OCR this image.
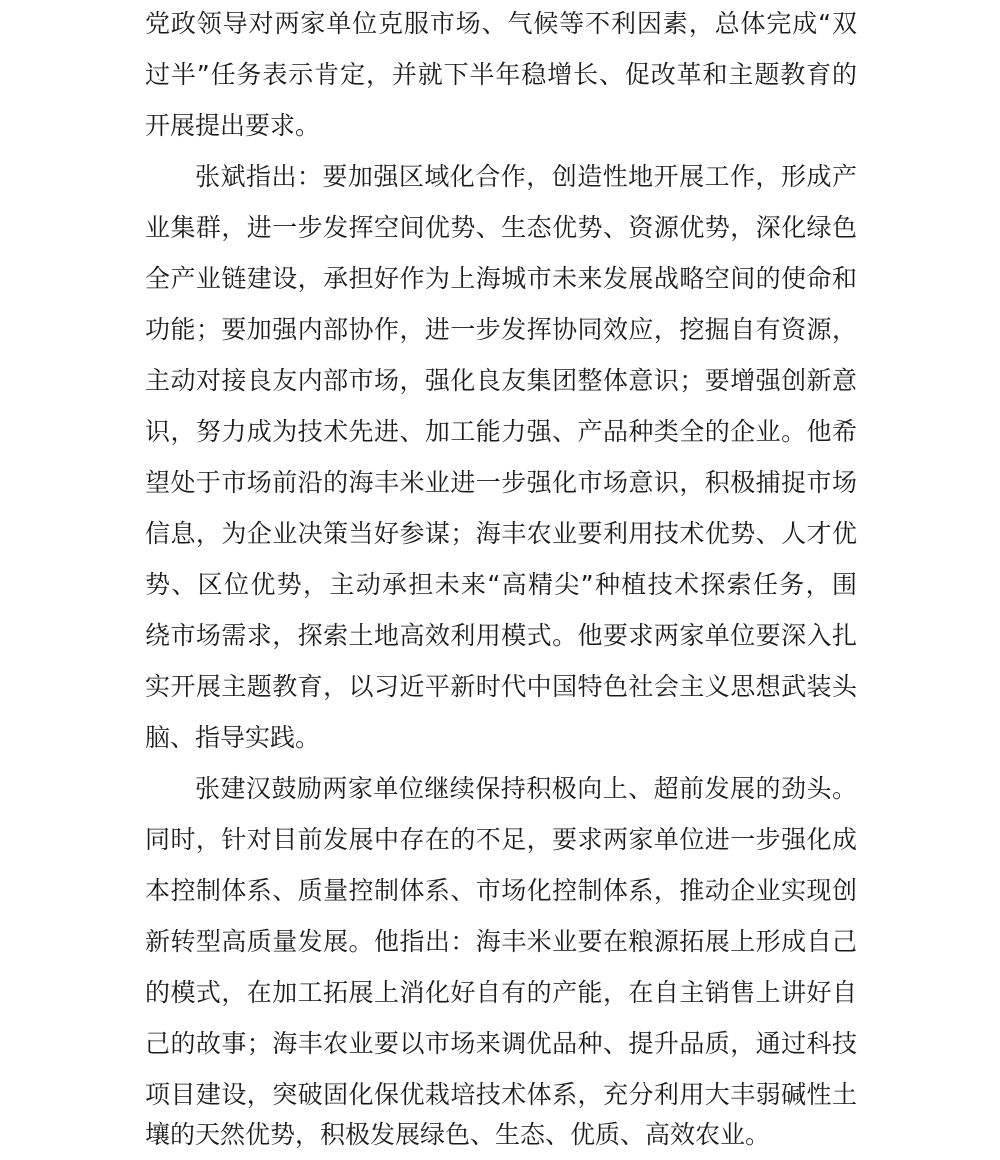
党政领导对两家单位克服市场、气候等不利因素，总体完成“双
过半”任务表示肯定，并就下半年稳增长、促改革和主题教育的
开展提出要求。
张斌指出：要加强区域化合作，创造性地开展工作，形成产
业集群，进一步发挥空间优势、生态优势、资源优势，深化绿色
全产业链建设，承担好作为上海城市未来发展战略空间的使命和
功能；要加强内部协作，进一步发挥协同效应，挖掘自有资源，
主动对接良友内部市场，强化良友集团整体意识；要增强创新意
识，努力成为技术先进、加工能力强、产品种类全的企业。他希
望处于市场前沿的海丰米业进一步强化市场意识，积极捕捉市场
信息，为企业决策当好参谋；海丰农业要利用技术优势、人才优
势、区位优势，主动承担未来“高精尖”种植技术探索任务，围
绕市场需求，探索土地高效利用模式。他要求两家单位要深入扎
实开展主题教育，以习近平新时代中国特色社会主义思想武装头
脑、指导实践。
张建汉鼓励两家单位继续保持积极向上、超前发展的劲头。
同时，针对目前发展中存在的不足，要求两家单位进一步强化成
本控制体系、质量控制体系、市场化控制体系，推动企业实现创
新转型高质量发展。他指出：海丰米业要在粮源拓展上形成自己
的模式，在加工拓展上消化好自有的产能，在自主销售上讲好自
己的故事；海丰农业要以市场来调优品种、提升品质，通过科技
项目建设，突破固化保优栽培技术体系，充分利用大丰弱碱性土
壤的天然优势，积极发展绿色、生态、优质、高效农业。
